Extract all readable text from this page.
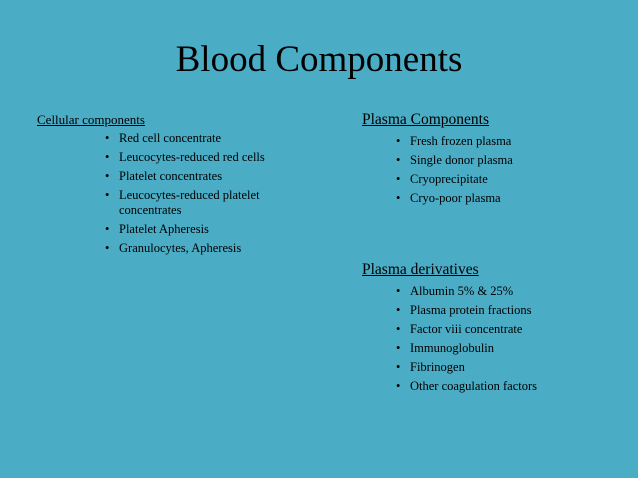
Blood Components

Cellular components

• Red cell concentrate
• Leucocytes-reduced red cells
• Platelet concentrates
• Leucocytes-reduced platelet concentrates
• Platelet Apheresis
• Granulocytes, Apheresis

Plasma Components

• Fresh frozen plasma
• Single donor plasma
• Cryoprecipitate
• Cryo-poor plasma

Plasma derivatives

• Albumin 5% & 25%
• Plasma protein fractions
• Factor viii concentrate
• Immunoglobulin
• Fibrinogen
• Other coagulation factors
